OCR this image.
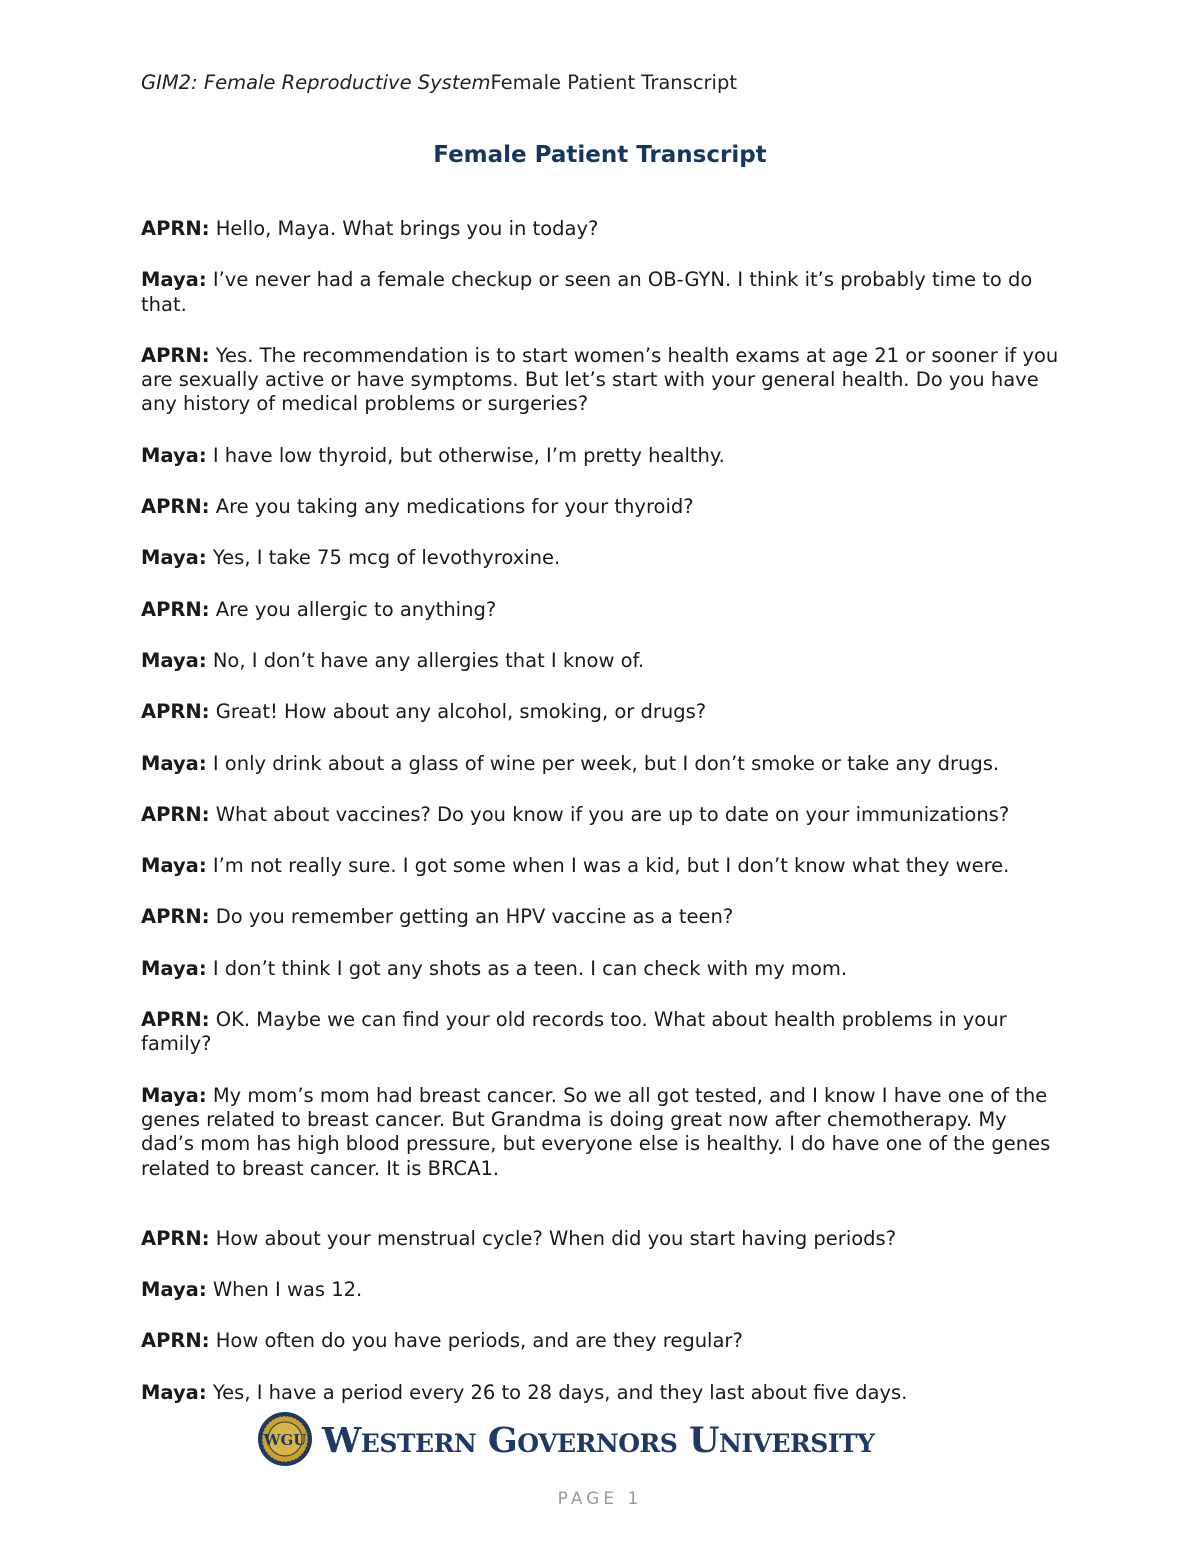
GIM2: Female Reproductive SystemFemale Patient Transcript
Female Patient Transcript

APRN: Hello, Maya. What brings you in today?

Maya: I’ve never had a female checkup or seen an OB-GYN. I think it’s probably time to do that.

APRN: Yes. The recommendation is to start women’s health exams at age 21 or sooner if you are sexually active or have symptoms. But let’s start with your general health. Do you have any history of medical problems or surgeries?

Maya: I have low thyroid, but otherwise, I’m pretty healthy.

APRN: Are you taking any medications for your thyroid?

Maya: Yes, I take 75 mcg of levothyroxine.

APRN: Are you allergic to anything?

Maya: No, I don’t have any allergies that I know of.

APRN: Great! How about any alcohol, smoking, or drugs?

Maya: I only drink about a glass of wine per week, but I don’t smoke or take any drugs.

APRN: What about vaccines? Do you know if you are up to date on your immunizations?

Maya: I’m not really sure. I got some when I was a kid, but I don’t know what they were.

APRN: Do you remember getting an HPV vaccine as a teen?

Maya: I don’t think I got any shots as a teen. I can check with my mom.

APRN: OK. Maybe we can find your old records too. What about health problems in your family?

Maya: My mom’s mom had breast cancer. So we all got tested, and I know I have one of the genes related to breast cancer. But Grandma is doing great now after chemotherapy. My dad’s mom has high blood pressure, but everyone else is healthy. I do have one of the genes related to breast cancer. It is BRCA1.

APRN: How about your menstrual cycle? When did you start having periods?

Maya: When I was 12.

APRN: How often do you have periods, and are they regular?

Maya: Yes, I have a period every 26 to 28 days, and they last about five days.

WGU Western Governors University
PAGE 1
